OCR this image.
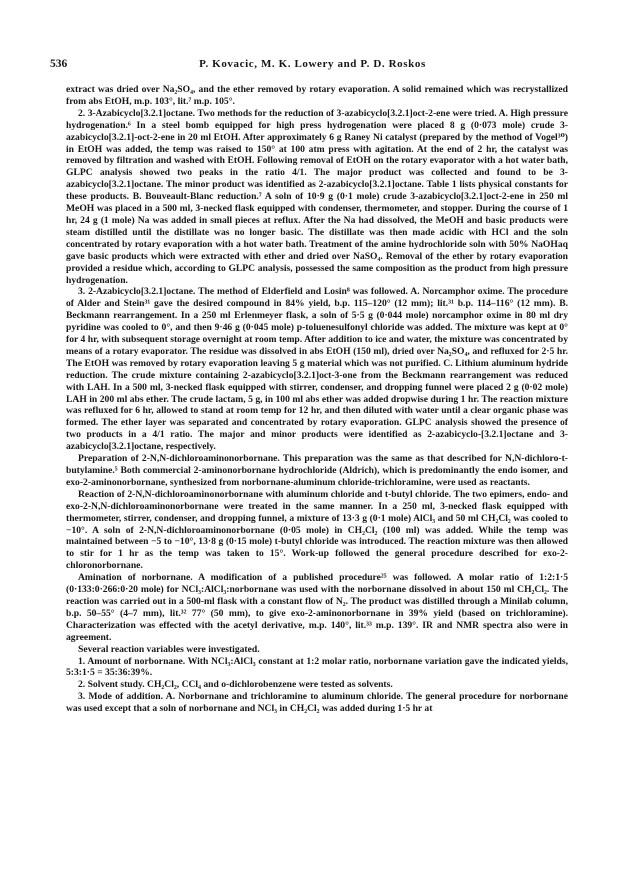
536	P. Kovacic, M. K. Lowery and P. D. Roskos

extract was dried over Na₂SO₄, and the ether removed by rotary evaporation. A solid remained which was recrystallized from abs EtOH, m.p. 103°, lit.⁷ m.p. 105°.

2. 3-Azabicyclo[3.2.1]octane. Two methods for the reduction of 3-azabicyclo[3.2.1]oct-2-ene were tried. A. High pressure hydrogenation.⁶ In a steel bomb equipped for high press hydrogenation were placed 8 g (0·073 mole) crude 3-azabicyclo[3.2.1]-oct-2-ene in 20 ml EtOH. After approximately 6 g Raney Ni catalyst (prepared by the method of Vogel³⁰) in EtOH was added, the temp was raised to 150° at 100 atm press with agitation. At the end of 2 hr, the catalyst was removed by filtration and washed with EtOH. Following removal of EtOH on the rotary evaporator with a hot water bath, GLPC analysis showed two peaks in the ratio 4/1. The major product was collected and found to be 3-azabicyclo[3.2.1]octane. The minor product was identified as 2-azabicyclo[3.2.1]octane. Table 1 lists physical constants for these products. B. Bouveault-Blanc reduction.⁷ A soln of 10·9 g (0·1 mole) crude 3-azabicyclo[3.2.1]oct-2-ene in 250 ml MeOH was placed in a 500 ml, 3-necked flask equipped with condenser, thermometer, and stopper. During the course of 1 hr, 24 g (1 mole) Na was added in small pieces at reflux. After the Na had dissolved, the MeOH and basic products were steam distilled until the distillate was no longer basic. The distillate was then made acidic with HCl and the soln concentrated by rotary evaporation with a hot water bath. Treatment of the amine hydrochloride soln with 50% NaOHaq gave basic products which were extracted with ether and dried over NaSO₄. Removal of the ether by rotary evaporation provided a residue which, according to GLPC analysis, possessed the same composition as the product from high pressure hydrogenation.

3. 2-Azabicyclo[3.2.1]octane. The method of Elderfield and Losin⁸ was followed. A. Norcamphor oxime. The procedure of Alder and Stein³¹ gave the desired compound in 84% yield, b.p. 115–120° (12 mm); lit.³¹ b.p. 114–116° (12 mm). B. Beckmann rearrangement. In a 250 ml Erlenmeyer flask, a soln of 5·5 g (0·044 mole) norcamphor oxime in 80 ml dry pyridine was cooled to 0°, and then 9·46 g (0·045 mole) p-toluenesulfonyl chloride was added. The mixture was kept at 0° for 4 hr, with subsequent storage overnight at room temp. After addition to ice and water, the mixture was concentrated by means of a rotary evaporator. The residue was dissolved in abs EtOH (150 ml), dried over Na₂SO₄, and refluxed for 2·5 hr. The EtOH was removed by rotary evaporation leaving 5 g material which was not purified. C. Lithium aluminum hydride reduction. The crude mixture containing 2-azabicyclo[3.2.1]oct-3-one from the Beckmann rearrangement was reduced with LAH. In a 500 ml, 3-necked flask equipped with stirrer, condenser, and dropping funnel were placed 2 g (0·02 mole) LAH in 200 ml abs ether. The crude lactam, 5 g, in 100 ml abs ether was added dropwise during 1 hr. The reaction mixture was refluxed for 6 hr, allowed to stand at room temp for 12 hr, and then diluted with water until a clear organic phase was formed. The ether layer was separated and concentrated by rotary evaporation. GLPC analysis showed the presence of two products in a 4/1 ratio. The major and minor products were identified as 2-azabicyclo-[3.2.1]octane and 3-azabicyclo[3.2.1]octane, respectively.

Preparation of 2-N,N-dichloroaminonorbornane. This preparation was the same as that described for N,N-dichloro-t-butylamine.⁵ Both commercial 2-aminonorbornane hydrochloride (Aldrich), which is predominantly the endo isomer, and exo-2-aminonorbornane, synthesized from norbornane-aluminum chloride-trichloramine, were used as reactants.

Reaction of 2-N,N-dichloroaminonorbornane with aluminum chloride and t-butyl chloride. The two epimers, endo- and exo-2-N,N-dichloroaminonorbornane were treated in the same manner. In a 250 ml, 3-necked flask equipped with thermometer, stirrer, condenser, and dropping funnel, a mixture of 13·3 g (0·1 mole) AlCl₃ and 50 ml CH₂Cl₂ was cooled to −10°. A soln of 2-N,N-dichloroaminonorbornane (0·05 mole) in CH₂Cl₂ (100 ml) was added. While the temp was maintained between −5 to −10°, 13·8 g (0·15 mole) t-butyl chloride was introduced. The reaction mixture was then allowed to stir for 1 hr as the temp was taken to 15°. Work-up followed the general procedure described for exo-2-chloronorbornane.

Amination of norbornane. A modification of a published procedure²⁵ was followed. A molar ratio of 1:2:1·5 (0·133:0·266:0·20 mole) for NCl₃:AlCl₃:norbornane was used with the norbornane dissolved in about 150 ml CH₂Cl₂. The reaction was carried out in a 500-ml flask with a constant flow of N₂. The product was distilled through a Minilab column, b.p. 50–55° (4–7 mm), lit.³² 77° (50 mm), to give exo-2-aminonorbornane in 39% yield (based on trichloramine). Characterization was effected with the acetyl derivative, m.p. 140°, lit.³³ m.p. 139°. IR and NMR spectra also were in agreement.

Several reaction variables were investigated.

1. Amount of norbornane. With NCl₃:AlCl₃ constant at 1:2 molar ratio, norbornane variation gave the indicated yields, 5:3:1·5 = 35:36:39%.

2. Solvent study. CH₂Cl₂, CCl₄ and o-dichlorobenzene were tested as solvents.

3. Mode of addition. A. Norbornane and trichloramine to aluminum chloride. The general procedure for norbornane was used except that a soln of norbornane and NCl₃ in CH₂Cl₂ was added during 1·5 hr at
